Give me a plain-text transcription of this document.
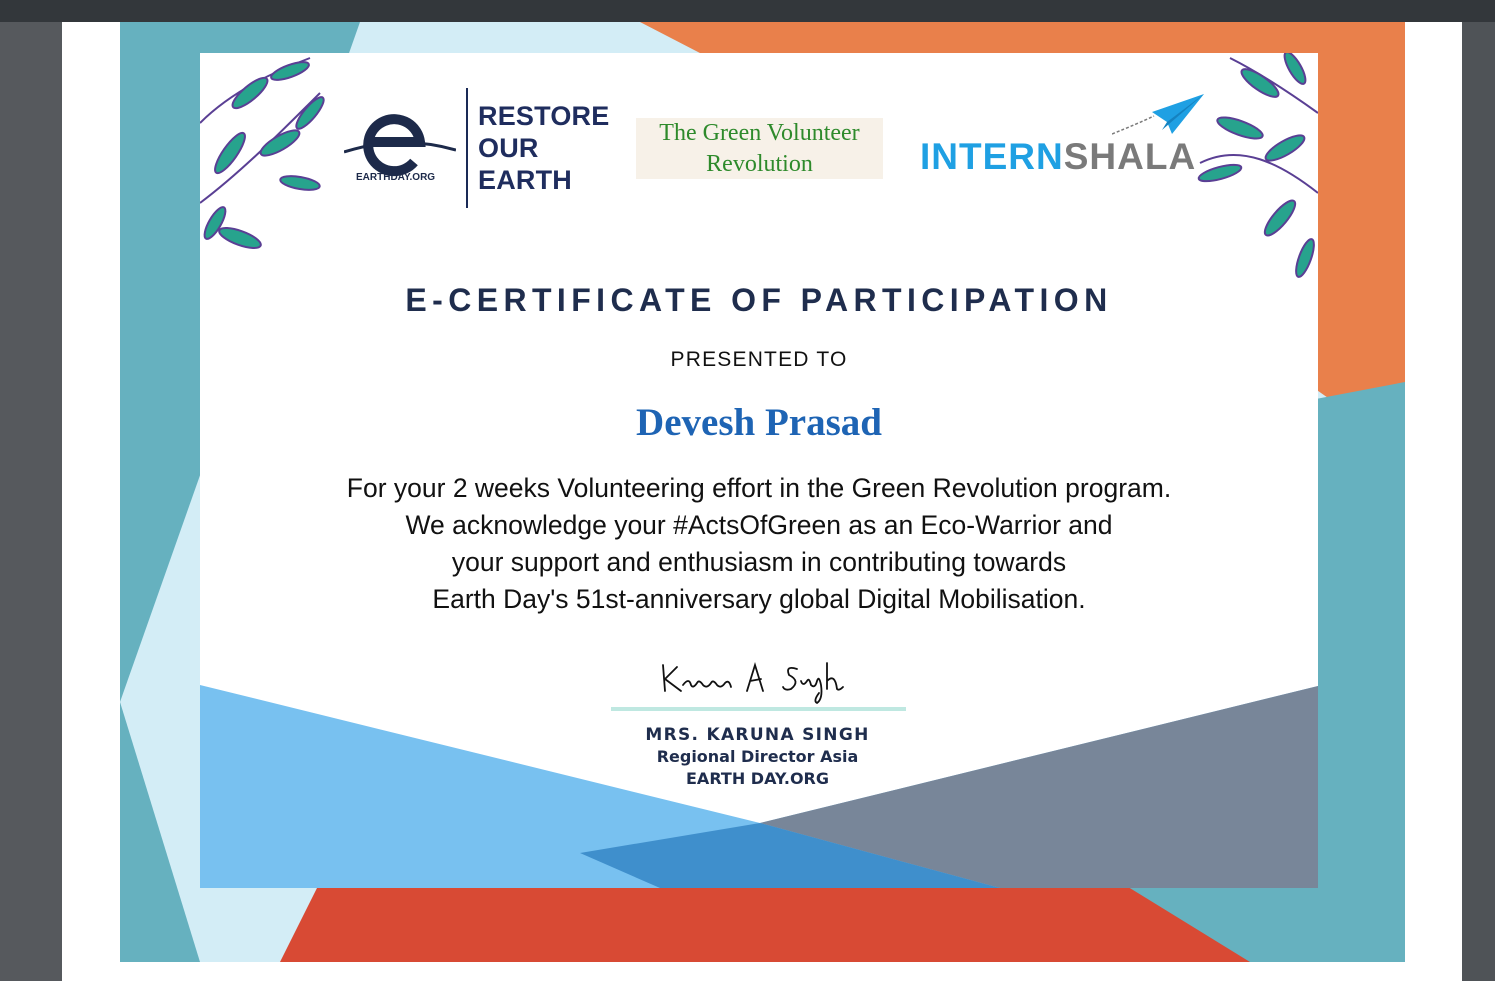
EARTHDAY.ORG
RESTORE
OUR
EARTH
The Green Volunteer
Revolution	INTERNSHALA
E-CERTIFICATE OF PARTICIPATION
PRESENTED TO
Devesh Prasad
For your 2 weeks Volunteering effort in the Green Revolution program.
We acknowledge your #ActsOfGreen as an Eco-Warrior and
your support and enthusiasm in contributing towards
Earth Day's 51st-anniversary global Digital Mobilisation.
MRS. KARUNA SINGH
Regional Director Asia
EARTH DAY.ORG
